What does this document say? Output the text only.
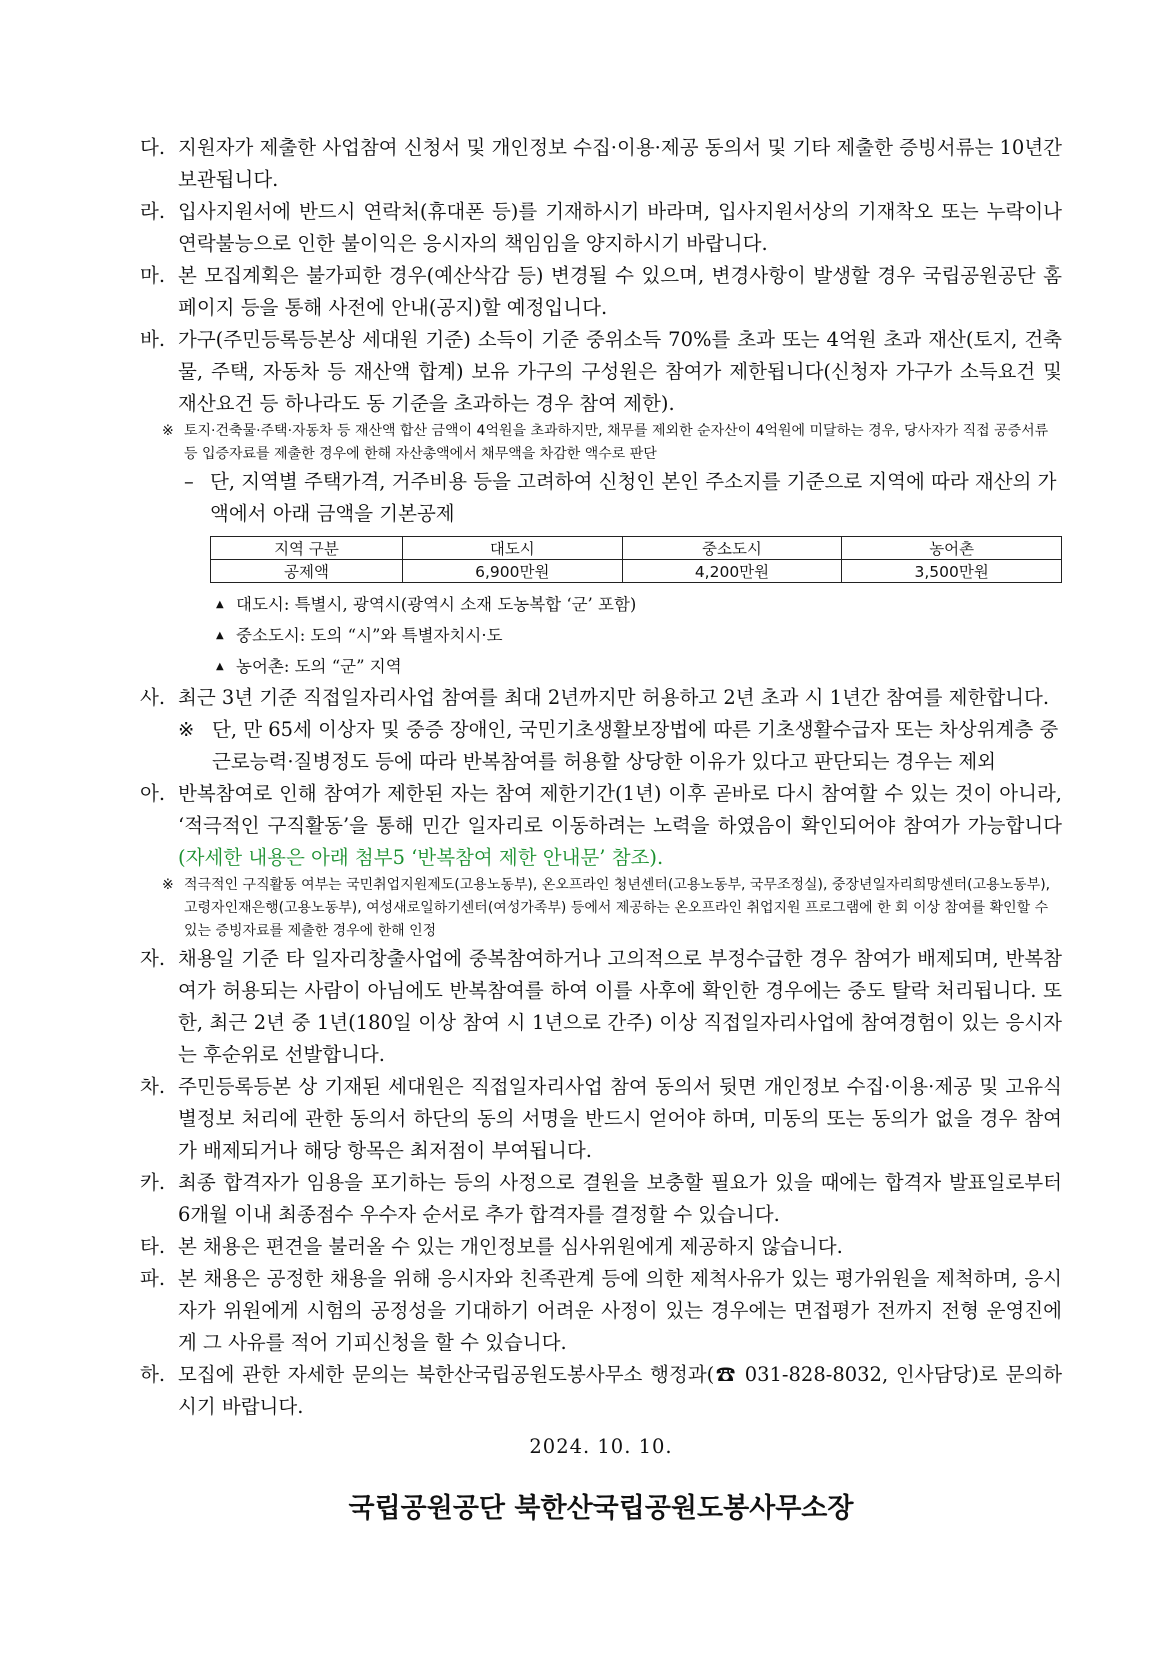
다. 지원자가 제출한 사업참여 신청서 및 개인정보 수집·이용·제공 동의서 및 기타 제출한 증빙서류는 10년간 보관됩니다.

라. 입사지원서에 반드시 연락처(휴대폰 등)를 기재하시기 바라며, 입사지원서상의 기재착오 또는 누락이나 연락불능으로 인한 불이익은 응시자의 책임임을 양지하시기 바랍니다.

마. 본 모집계획은 불가피한 경우(예산삭감 등) 변경될 수 있으며, 변경사항이 발생할 경우 국립공원공단 홈페이지 등을 통해 사전에 안내(공지)할 예정입니다.

바. 가구(주민등록등본상 세대원 기준) 소득이 기준 중위소득 70%를 초과 또는 4억원 초과 재산(토지, 건축물, 주택, 자동차 등 재산액 합계) 보유 가구의 구성원은 참여가 제한됩니다(신청자 가구가 소득요건 및 재산요건 등 하나라도 동 기준을 초과하는 경우 참여 제한).

※ 토지·건축물·주택·자동차 등 재산액 합산 금액이 4억원을 초과하지만, 채무를 제외한 순자산이 4억원에 미달하는 경우, 당사자가 직접 공증서류 등 입증자료를 제출한 경우에 한해 자산총액에서 채무액을 차감한 액수로 판단
– 단, 지역별 주택가격, 거주비용 등을 고려하여 신청인 본인 주소지를 기준으로 지역에 따라 재산의 가액에서 아래 금액을 기본공제
지역 구분	대도시	중소도시	농어촌
공제액	6,900만원	4,200만원	3,500만원
▲ 대도시: 특별시, 광역시(광역시 소재 도농복합 ‘군’ 포함)
▲ 중소도시: 도의 “시”와 특별자치시·도
▲ 농어촌: 도의 “군” 지역

사. 최근 3년 기준 직접일자리사업 참여를 최대 2년까지만 허용하고 2년 초과 시 1년간 참여를 제한합니다.

※ 단, 만 65세 이상자 및 중증 장애인, 국민기초생활보장법에 따른 기초생활수급자 또는 차상위계층 중 근로능력·질병정도 등에 따라 반복참여를 허용할 상당한 이유가 있다고 판단되는 경우는 제외

아. 반복참여로 인해 참여가 제한된 자는 참여 제한기간(1년) 이후 곧바로 다시 참여할 수 있는 것이 아니라, ‘적극적인 구직활동’을 통해 민간 일자리로 이동하려는 노력을 하였음이 확인되어야 참여가 가능합니다(자세한 내용은 아래 첨부5 ‘반복참여 제한 안내문’ 참조).

※ 적극적인 구직활동 여부는 국민취업지원제도(고용노동부), 온오프라인 청년센터(고용노동부, 국무조정실), 중장년일자리희망센터(고용노동부), 고령자인재은행(고용노동부), 여성새로일하기센터(여성가족부) 등에서 제공하는 온오프라인 취업지원 프로그램에 한 회 이상 참여를 확인할 수 있는 증빙자료를 제출한 경우에 한해 인정

자. 채용일 기준 타 일자리창출사업에 중복참여하거나 고의적으로 부정수급한 경우 참여가 배제되며, 반복참여가 허용되는 사람이 아님에도 반복참여를 하여 이를 사후에 확인한 경우에는 중도 탈락 처리됩니다. 또한, 최근 2년 중 1년(180일 이상 참여 시 1년으로 간주) 이상 직접일자리사업에 참여경험이 있는 응시자는 후순위로 선발합니다.

차. 주민등록등본 상 기재된 세대원은 직접일자리사업 참여 동의서 뒷면 개인정보 수집·이용·제공 및 고유식별정보 처리에 관한 동의서 하단의 동의 서명을 반드시 얻어야 하며, 미동의 또는 동의가 없을 경우 참여가 배제되거나 해당 항목은 최저점이 부여됩니다.

카. 최종 합격자가 임용을 포기하는 등의 사정으로 결원을 보충할 필요가 있을 때에는 합격자 발표일로부터 6개월 이내 최종점수 우수자 순서로 추가 합격자를 결정할 수 있습니다.

타. 본 채용은 편견을 불러올 수 있는 개인정보를 심사위원에게 제공하지 않습니다.

파. 본 채용은 공정한 채용을 위해 응시자와 친족관계 등에 의한 제척사유가 있는 평가위원을 제척하며, 응시자가 위원에게 시험의 공정성을 기대하기 어려운 사정이 있는 경우에는 면접평가 전까지 전형 운영진에게 그 사유를 적어 기피신청을 할 수 있습니다.

하. 모집에 관한 자세한 문의는 북한산국립공원도봉사무소 행정과(☎ 031-828-8032, 인사담당)로 문의하시기 바랍니다.

2024. 10. 10.
국립공원공단 북한산국립공원도봉사무소장
